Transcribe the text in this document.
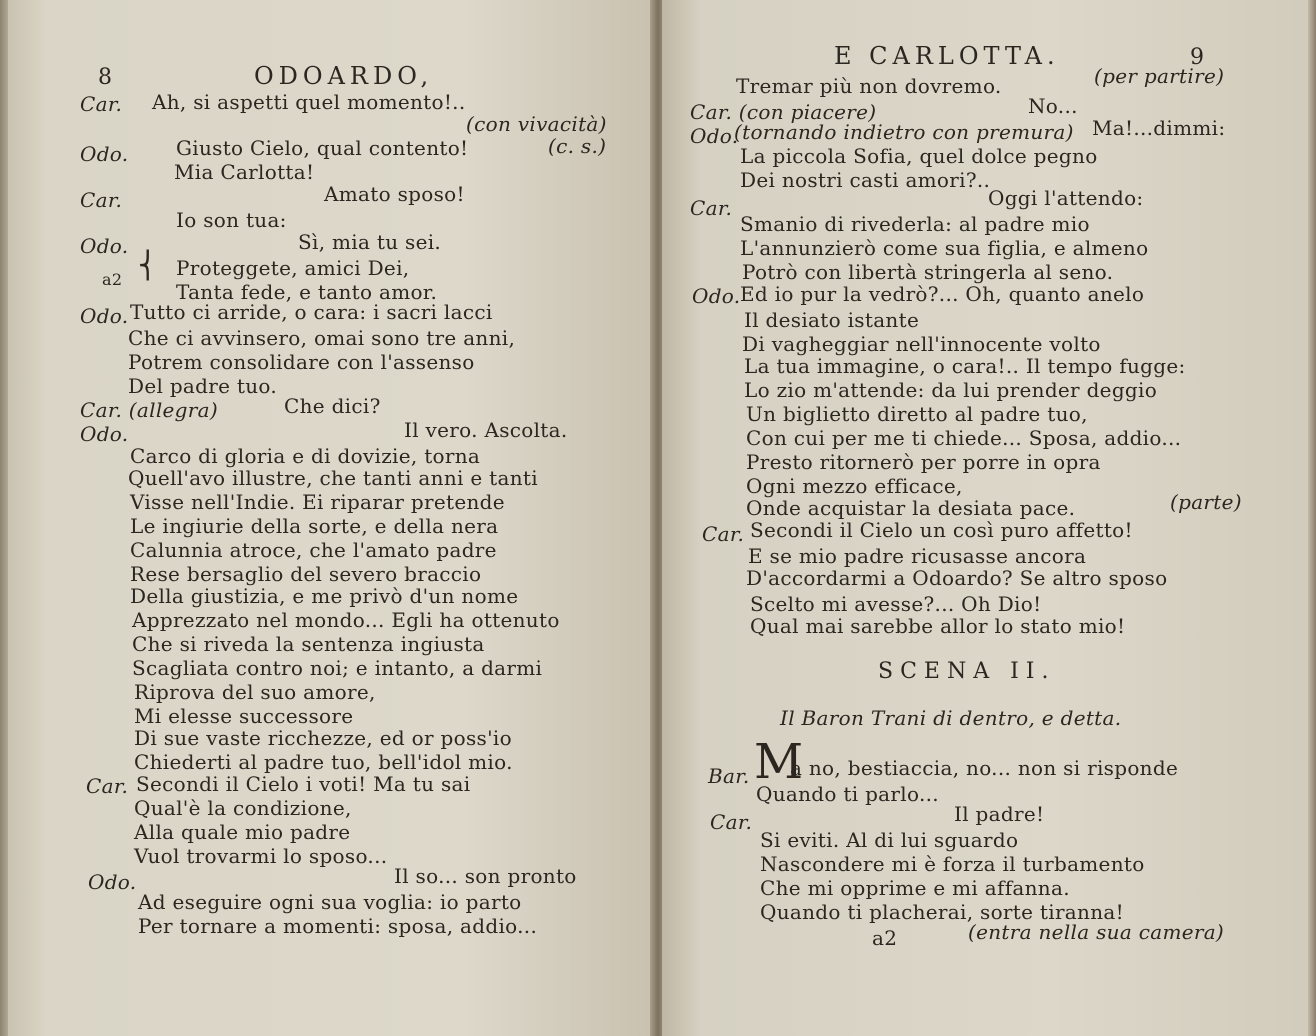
8	ODOARDO,
Car. Ah, si aspetti quel momento!..
(con vivacità)
Odo. Giusto Cielo, qual contento!	(c. s.)
Mia Carlotta!
Car.	Amato sposo!
Io son tua:
Odo.	Sì, mia tu sei.
a2 ⎨ Proteggete, amici Dei,
Tanta fede, e tanto amor.
Odo. Tutto ci arride, o cara: i sacri lacci
Che ci avvinsero, omai sono tre anni,
Potrem consolidare con l'assenso
Del padre tuo.
Car. (allegra)	Che dici?
Odo.	Il vero. Ascolta.
Carco di gloria e di dovizie, torna
Quell'avo illustre, che tanti anni e tanti
Visse nell'Indie. Ei riparar pretende
Le ingiurie della sorte, e della nera
Calunnia atroce, che l'amato padre
Rese bersaglio del severo braccio
Della giustizia, e me privò d'un nome
Apprezzato nel mondo... Egli ha ottenuto
Che si riveda la sentenza ingiusta
Scagliata contro noi; e intanto, a darmi
Riprova del suo amore,
Mi elesse successore
Di sue vaste ricchezze, ed or poss'io
Chiederti al padre tuo, bell'idol mio.
Car. Secondi il Cielo i voti! Ma tu sai
Qual'è la condizione,
Alla quale mio padre
Vuol trovarmi lo sposo...
Odo.	Il so... son pronto
Ad eseguire ogni sua voglia: io parto
Per tornare a momenti: sposa, addio...
E CARLOTTA.	9
Tremar più non dovremo.	(per partire)
Car. (con piacere)	No...
Odo.
(tornando indietro con premura) Ma!...dimmi:
La piccola Sofia, quel dolce pegno
Dei nostri casti amori?..
Car.	Oggi l'attendo:
Smanio di rivederla: al padre mio
L'annunzierò come sua figlia, e almeno
Potrò con libertà stringerla al seno.
Odo. Ed io pur la vedrò?... Oh, quanto anelo
Il desiato istante
Di vagheggiar nell'innocente volto
La tua immagine, o cara!.. Il tempo fugge:
Lo zio m'attende: da lui prender deggio
Un biglietto diretto al padre tuo,
Con cui per me ti chiede... Sposa, addio...
Presto ritornerò per porre in opra
Ogni mezzo efficace,
Onde acquistar la desiata pace.	(parte)
Car. Secondi il Cielo un così puro affetto!
E se mio padre ricusasse ancora
D'accordarmi a Odoardo? Se altro sposo
Scelto mi avesse?... Oh Dio!
Qual mai sarebbe allor lo stato mio!
SCENA II.
Il Baron Trani di dentro, e detta.
Bar. M
a no, bestiaccia, no... non si risponde
Quando ti parlo...
Car.	Il padre!
Si eviti. Al di lui sguardo
Nascondere mi è forza il turbamento
Che mi opprime e mi affanna.
Quando ti placherai, sorte tiranna!
a2	(entra nella sua camera)
